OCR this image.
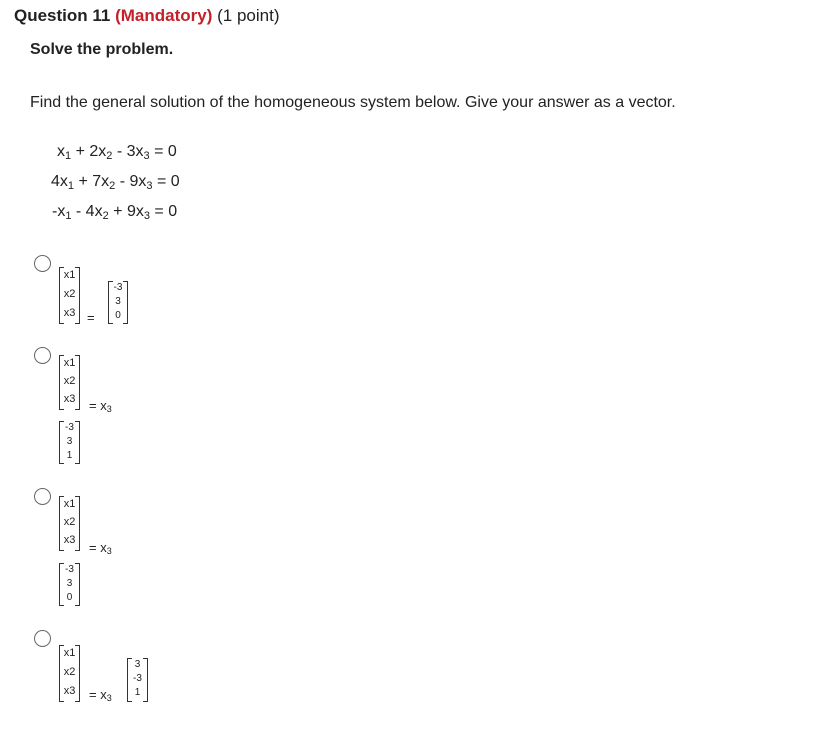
Question 11 (Mandatory) (1 point)
Solve the problem.
Find the general solution of the homogeneous system below. Give your answer as a vector.
$x_1 + 2x_2 - 3x_3 = 0$
$4x_1 + 7x_2 - 9x_3 = 0$
$-x_1 - 4x_2 + 9x_3 = 0$
x1
x2
x3 =
-3
3
0
x1
x2
x3	= $x_3$
-3
3
1
x1
x2
x3	= $x_3$
-3
3
0
x1
x2
x3	= $x_3$
3
-3
1
